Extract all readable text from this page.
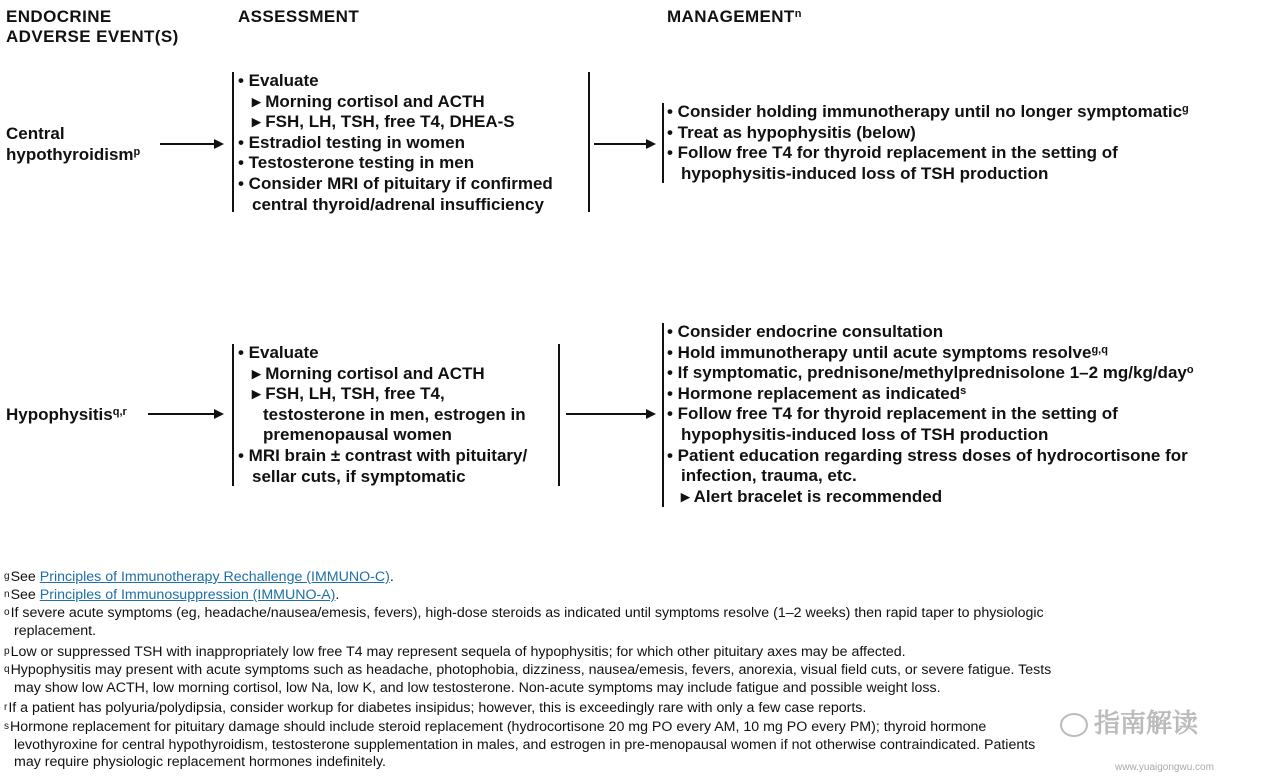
ENDOCRINE
ADVERSE EVENT(S)
ASSESSMENT	MANAGEMENT$^n$
Central
hypothyroidism$^p$
• Evaluate
▸ Morning cortisol and ACTH
▸ FSH, LH, TSH, free T4, DHEA-S
• Estradiol testing in women
• Testosterone testing in men
• Consider MRI of pituitary if confirmed
central thyroid/adrenal insufficiency
• Consider holding immunotherapy until no longer symptomatic$^g$
• Treat as hypophysitis (below)
• Follow free T4 for thyroid replacement in the setting of
hypophysitis-induced loss of TSH production
Hypophysitis$^{q,r}$
• Evaluate
▸ Morning cortisol and ACTH
▸ FSH, LH, TSH, free T4,
testosterone in men, estrogen in
premenopausal women
• MRI brain ± contrast with pituitary/
sellar cuts, if symptomatic
• Consider endocrine consultation
• Hold immunotherapy until acute symptoms resolve$^{g,q}$
• If symptomatic, prednisone/methylprednisolone 1–2 mg/kg/day$^o$
• Hormone replacement as indicated$^s$
• Follow free T4 for thyroid replacement in the setting of
hypophysitis-induced loss of TSH production
• Patient education regarding stress doses of hydrocortisone for
infection, trauma, etc.
▸ Alert bracelet is recommended
$^g$See Principles of Immunotherapy Rechallenge (IMMUNO-C).
$^n$See Principles of Immunosuppression (IMMUNO-A).
$^o$If severe acute symptoms (eg, headache/nausea/emesis, fevers), high-dose steroids as indicated until symptoms resolve (1–2 weeks) then rapid taper to physiologic
replacement.
$^p$Low or suppressed TSH with inappropriately low free T4 may represent sequela of hypophysitis; for which other pituitary axes may be affected.
$^q$Hypophysitis may present with acute symptoms such as headache, photophobia, dizziness, nausea/emesis, fevers, anorexia, visual field cuts, or severe fatigue. Tests
may show low ACTH, low morning cortisol, low Na, low K, and low testosterone. Non-acute symptoms may include fatigue and possible weight loss.
$^r$If a patient has polyuria/polydipsia, consider workup for diabetes insipidus; however, this is exceedingly rare with only a few case reports.
$^s$Hormone replacement for pituitary damage should include steroid replacement (hydrocortisone 20 mg PO every AM, 10 mg PO every PM); thyroid hormone
levothyroxine for central hypothyroidism, testosterone supplementation in males, and estrogen in pre-menopausal women if not otherwise contraindicated. Patients
may require physiologic replacement hormones indefinitely.
指南解读
www.yuaigongwu.com
